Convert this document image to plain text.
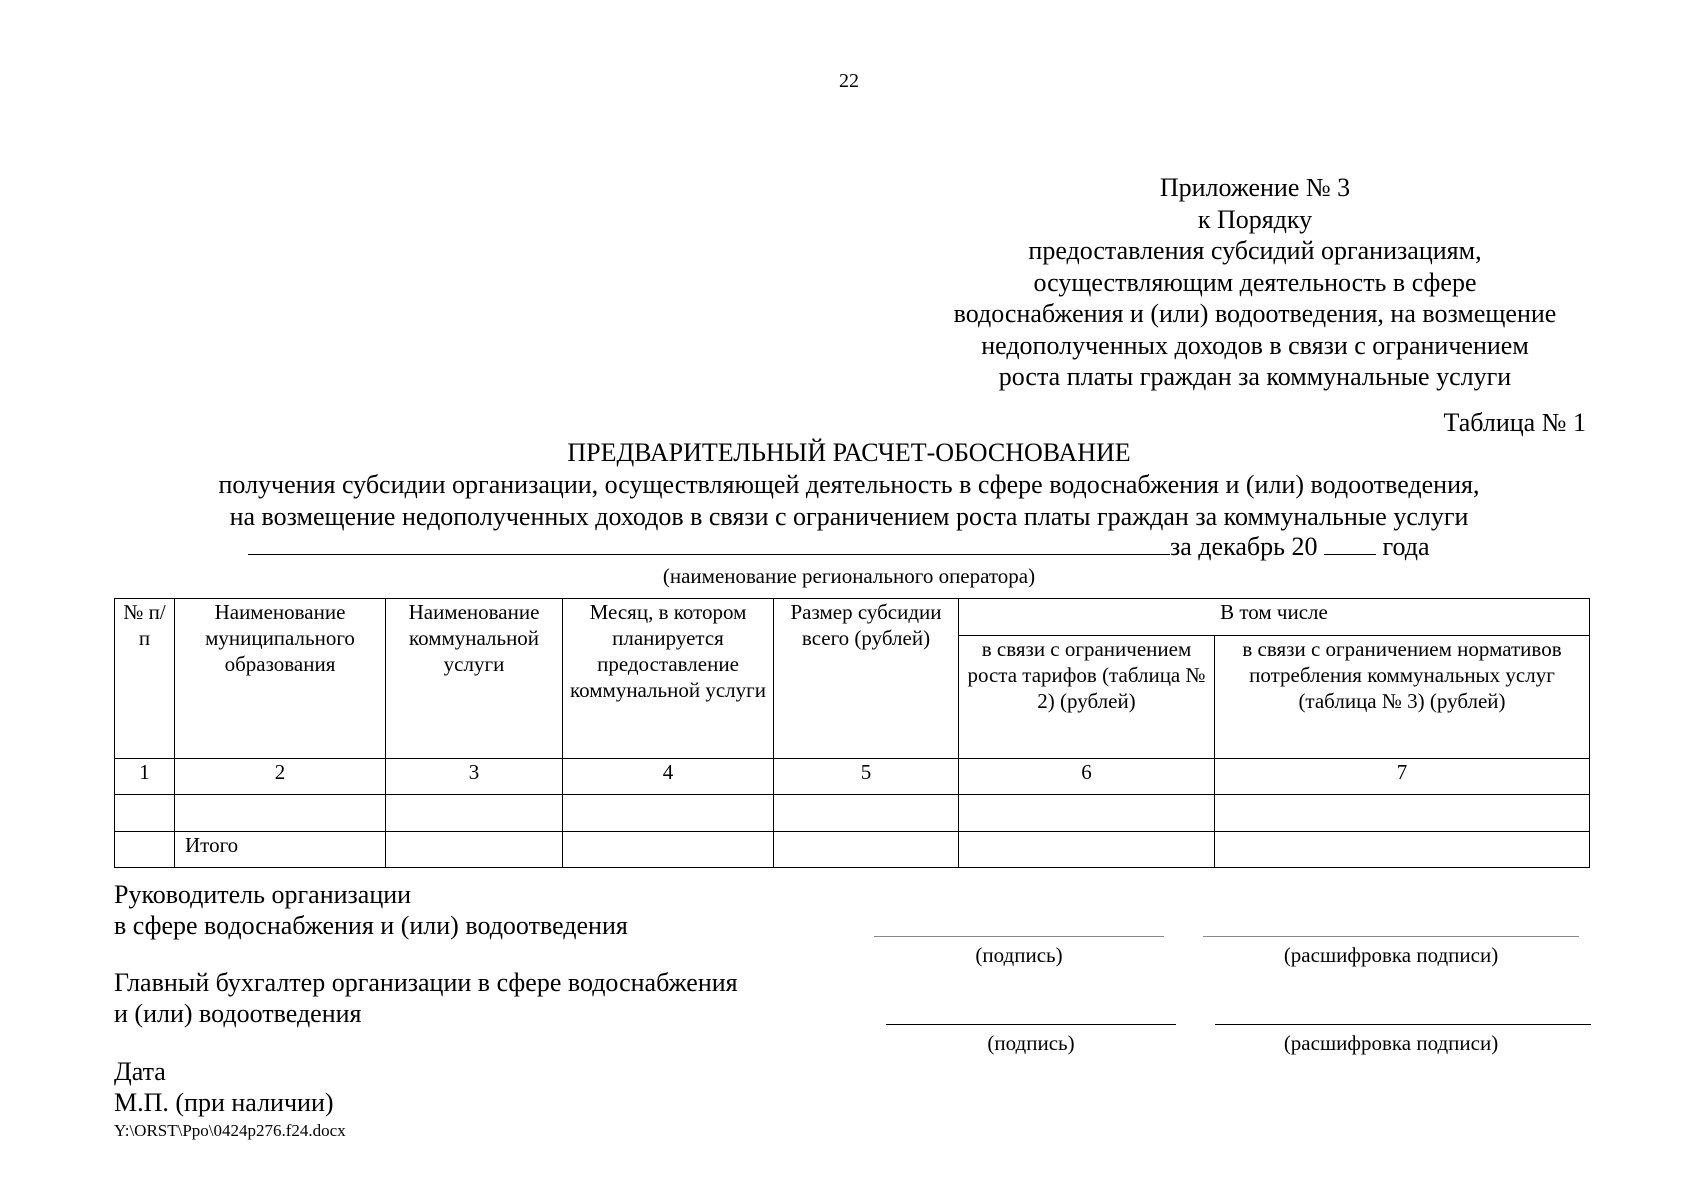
22
Приложение № 3
к Порядку
предоставления субсидий организациям,
осуществляющим деятельность в сфере
водоснабжения и (или) водоотведения, на возмещение
недополученных доходов в связи с ограничением
роста платы граждан за коммунальные услуги
Таблица № 1
ПРЕДВАРИТЕЛЬНЫЙ РАСЧЕТ-ОБОСНОВАНИЕ
получения субсидии организации, осуществляющей деятельность в сфере водоснабжения и (или) водоотведения,
на возмещение недополученных доходов в связи с ограничением роста платы граждан за коммунальные услуги
за декабрь 20	года
(наименование регионального оператора)
№ п/п	Наименование муниципального образования	Наименование коммунальной услуги	Месяц, в котором планируется предоставление коммунальной услуги	Размер субсидии всего (рублей)	В том числе	
					в связи с ограничением роста тарифов (таблица № 2) (рублей)	в связи с ограничением нормативов потребления коммунальных услуг (таблица № 3) (рублей)
1	2	3	4	5	6	7

	Итого					
Руководитель организации
в сфере водоснабжения и (или) водоотведения
(подпись)	(расшифровка подписи)
Главный бухгалтер организации в сфере водоснабжения
и (или) водоотведения
(подпись)	(расшифровка подписи)
Дата
М.П. (при наличии)
Y:\ORST\Ppo\0424p276.f24.docx
